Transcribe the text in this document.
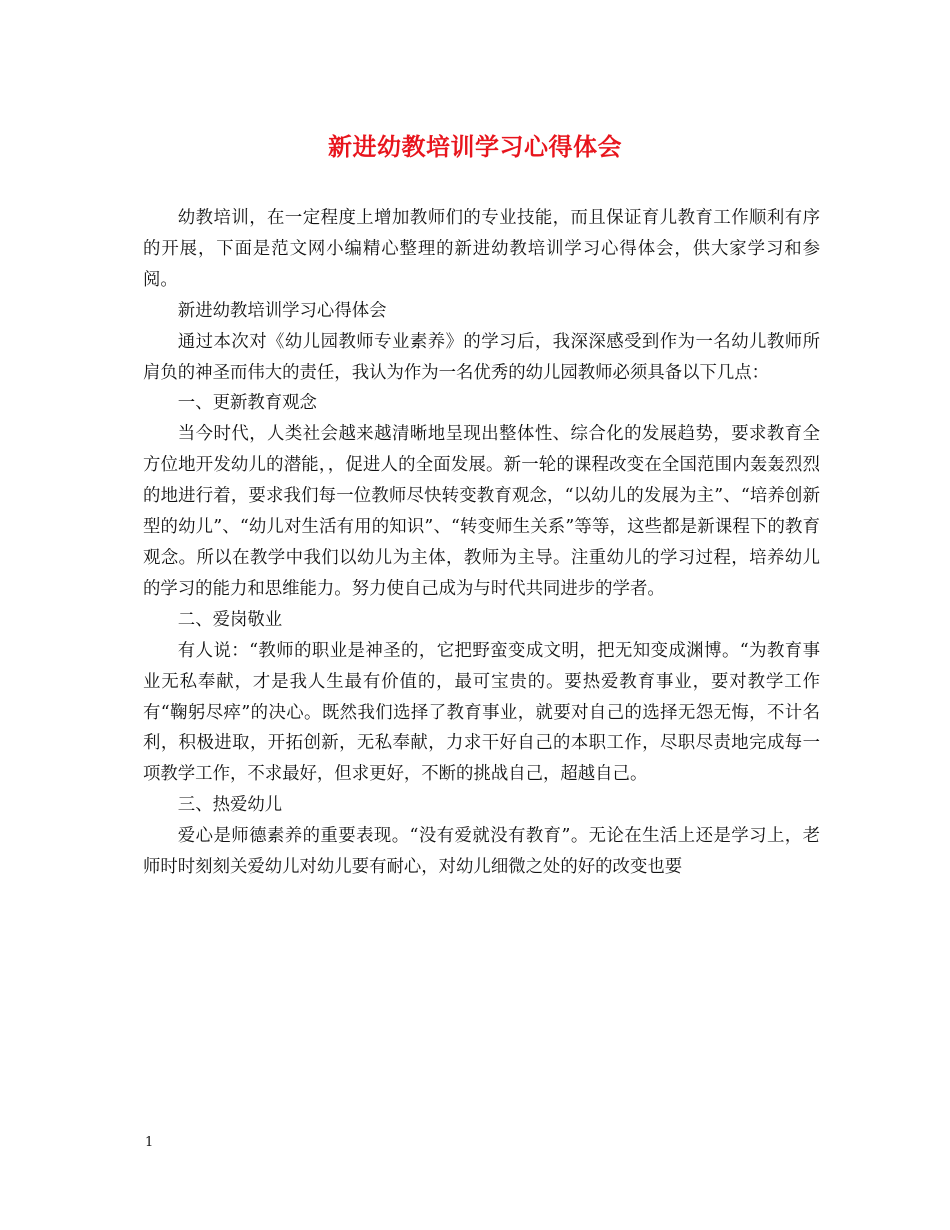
新进幼教培训学习心得体会

幼教培训，在一定程度上增加教师们的专业技能，而且保证育儿教育工作顺利有序的开展，下面是范文网小编精心整理的新进幼教培训学习心得体会，供大家学习和参阅。

新进幼教培训学习心得体会

通过本次对《幼儿园教师专业素养》的学习后，我深深感受到作为一名幼儿教师所肩负的神圣而伟大的责任，我认为作为一名优秀的幼儿园教师必须具备以下几点：

一、更新教育观念

当今时代，人类社会越来越清晰地呈现出整体性、综合化的发展趋势，要求教育全方位地开发幼儿的潜能，，促进人的全面发展。新一轮的课程改变在全国范围内轰轰烈烈的地进行着，要求我们每一位教师尽快转变教育观念，“以幼儿的发展为主”、“培养创新型的幼儿”、“幼儿对生活有用的知识”、“转变师生关系”等等，这些都是新课程下的教育观念。所以在教学中我们以幼儿为主体，教师为主导。注重幼儿的学习过程，培养幼儿的学习的能力和思维能力。努力使自己成为与时代共同进步的学者。

二、爱岗敬业

有人说：“教师的职业是神圣的，它把野蛮变成文明，把无知变成渊博。“为教育事业无私奉献，才是我人生最有价值的，最可宝贵的。要热爱教育事业，要对教学工作有“鞠躬尽瘁”的决心。既然我们选择了教育事业，就要对自己的选择无怨无悔，不计名利，积极进取，开拓创新，无私奉献，力求干好自己的本职工作，尽职尽责地完成每一项教学工作，不求最好，但求更好，不断的挑战自己，超越自己。

三、热爱幼儿

爱心是师德素养的重要表现。“没有爱就没有教育”。无论在生活上还是学习上，老师时时刻刻关爱幼儿对幼儿要有耐心，对幼儿细微之处的好的改变也要

1
